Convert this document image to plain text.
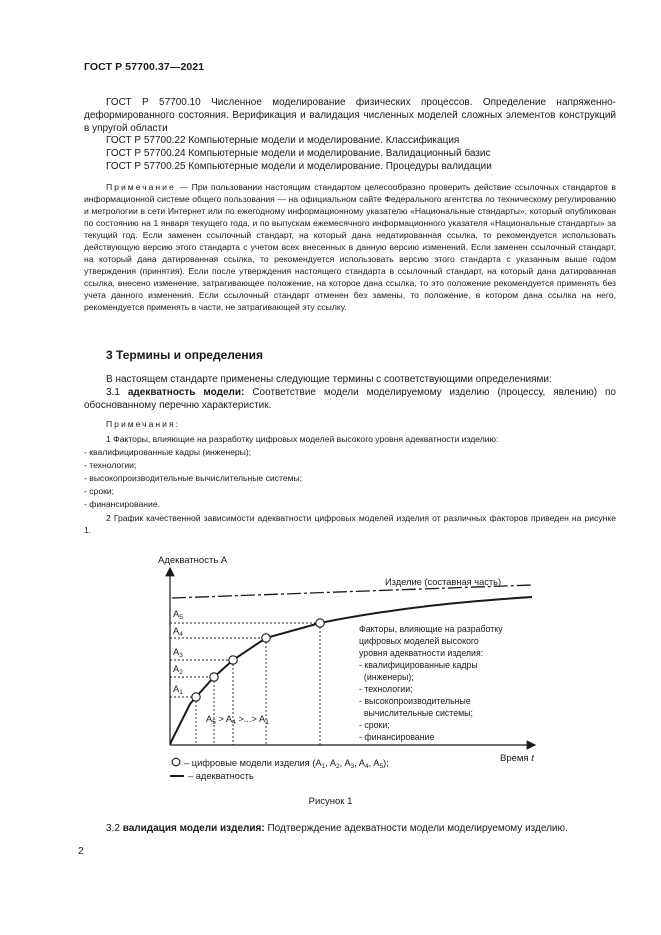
ГОСТ Р 57700.37—2021
ГОСТ Р 57700.10 Численное моделирование физических процессов. Определение напряженно-деформированного состояния. Верификация и валидация численных моделей сложных элементов конструкций в упругой области
ГОСТ Р 57700.22 Компьютерные модели и моделирование. Классификация
ГОСТ Р 57700.24 Компьютерные модели и моделирование. Валидационный базис
ГОСТ Р 57700.25 Компьютерные модели и моделирование. Процедуры валидации
Примечание — При пользовании настоящим стандартом целесообразно проверить действие ссылочных стандартов в информационной системе общего пользования — на официальном сайте Федерального агентства по техническому регулированию и метрологии в сети Интернет или по ежегодному информационному указателю «Национальные стандарты», который опубликован по состоянию на 1 января текущего года, и по выпускам ежемесячного информационного указателя «Национальные стандарты» за текущий год. Если заменен ссылочный стандарт, на который дана недатированная ссылка, то рекомендуется использовать действующую версию этого стандарта с учетом всех внесенных в данную версию изменений. Если заменен ссылочный стандарт, на который дана датированная ссылка, то рекомендуется использовать версию этого стандарта с указанным выше годом утверждения (принятия). Если после утверждения настоящего стандарта в ссылочный стандарт, на который дана датированная ссылка, внесено изменение, затрагивающее положение, на которое дана ссылка, то это положение рекомендуется применять без учета данного изменения. Если ссылочный стандарт отменен без замены, то положение, в котором дана ссылка на него, рекомендуется применять в части, не затрагивающей эту ссылку.
3 Термины и определения
В настоящем стандарте применены следующие термины с соответствующими определениями:
3.1 адекватность модели: Соответствие модели моделируемому изделию (процессу, явлению) по обоснованному перечню характеристик.
Примечания:
1 Факторы, влияющие на разработку цифровых моделей высокого уровня адекватности изделию:
- квалифицированные кадры (инженеры);
- технологии;
- высокопроизводительные вычислительные системы;
- сроки;
- финансирование.
2 График качественной зависимости адекватности цифровых моделей изделия от различных факторов приведен на рисунке 1.
Адекватность А
Время t
Изделие (составная часть)
$A_5$
$A_4$
$A_3$
$A_2$
$A_1$
$A_5 > A_4$ >...> $A_1$
Факторы, влияющие на разработку
цифровых моделей высокого
уровня адекватности изделия:
- квалифицированные кадры
(инженеры);
- технологии;
- высокопроизводительные
вычислительные системы;
- сроки;
- финансирование
– цифровые модели изделия ($A_1$, $A_2$, $A_3$, $A_4$, $A_5$);
– адекватность
Рисунок 1
3.2 валидация модели изделия: Подтверждение адекватности модели моделируемому изделию.
2
